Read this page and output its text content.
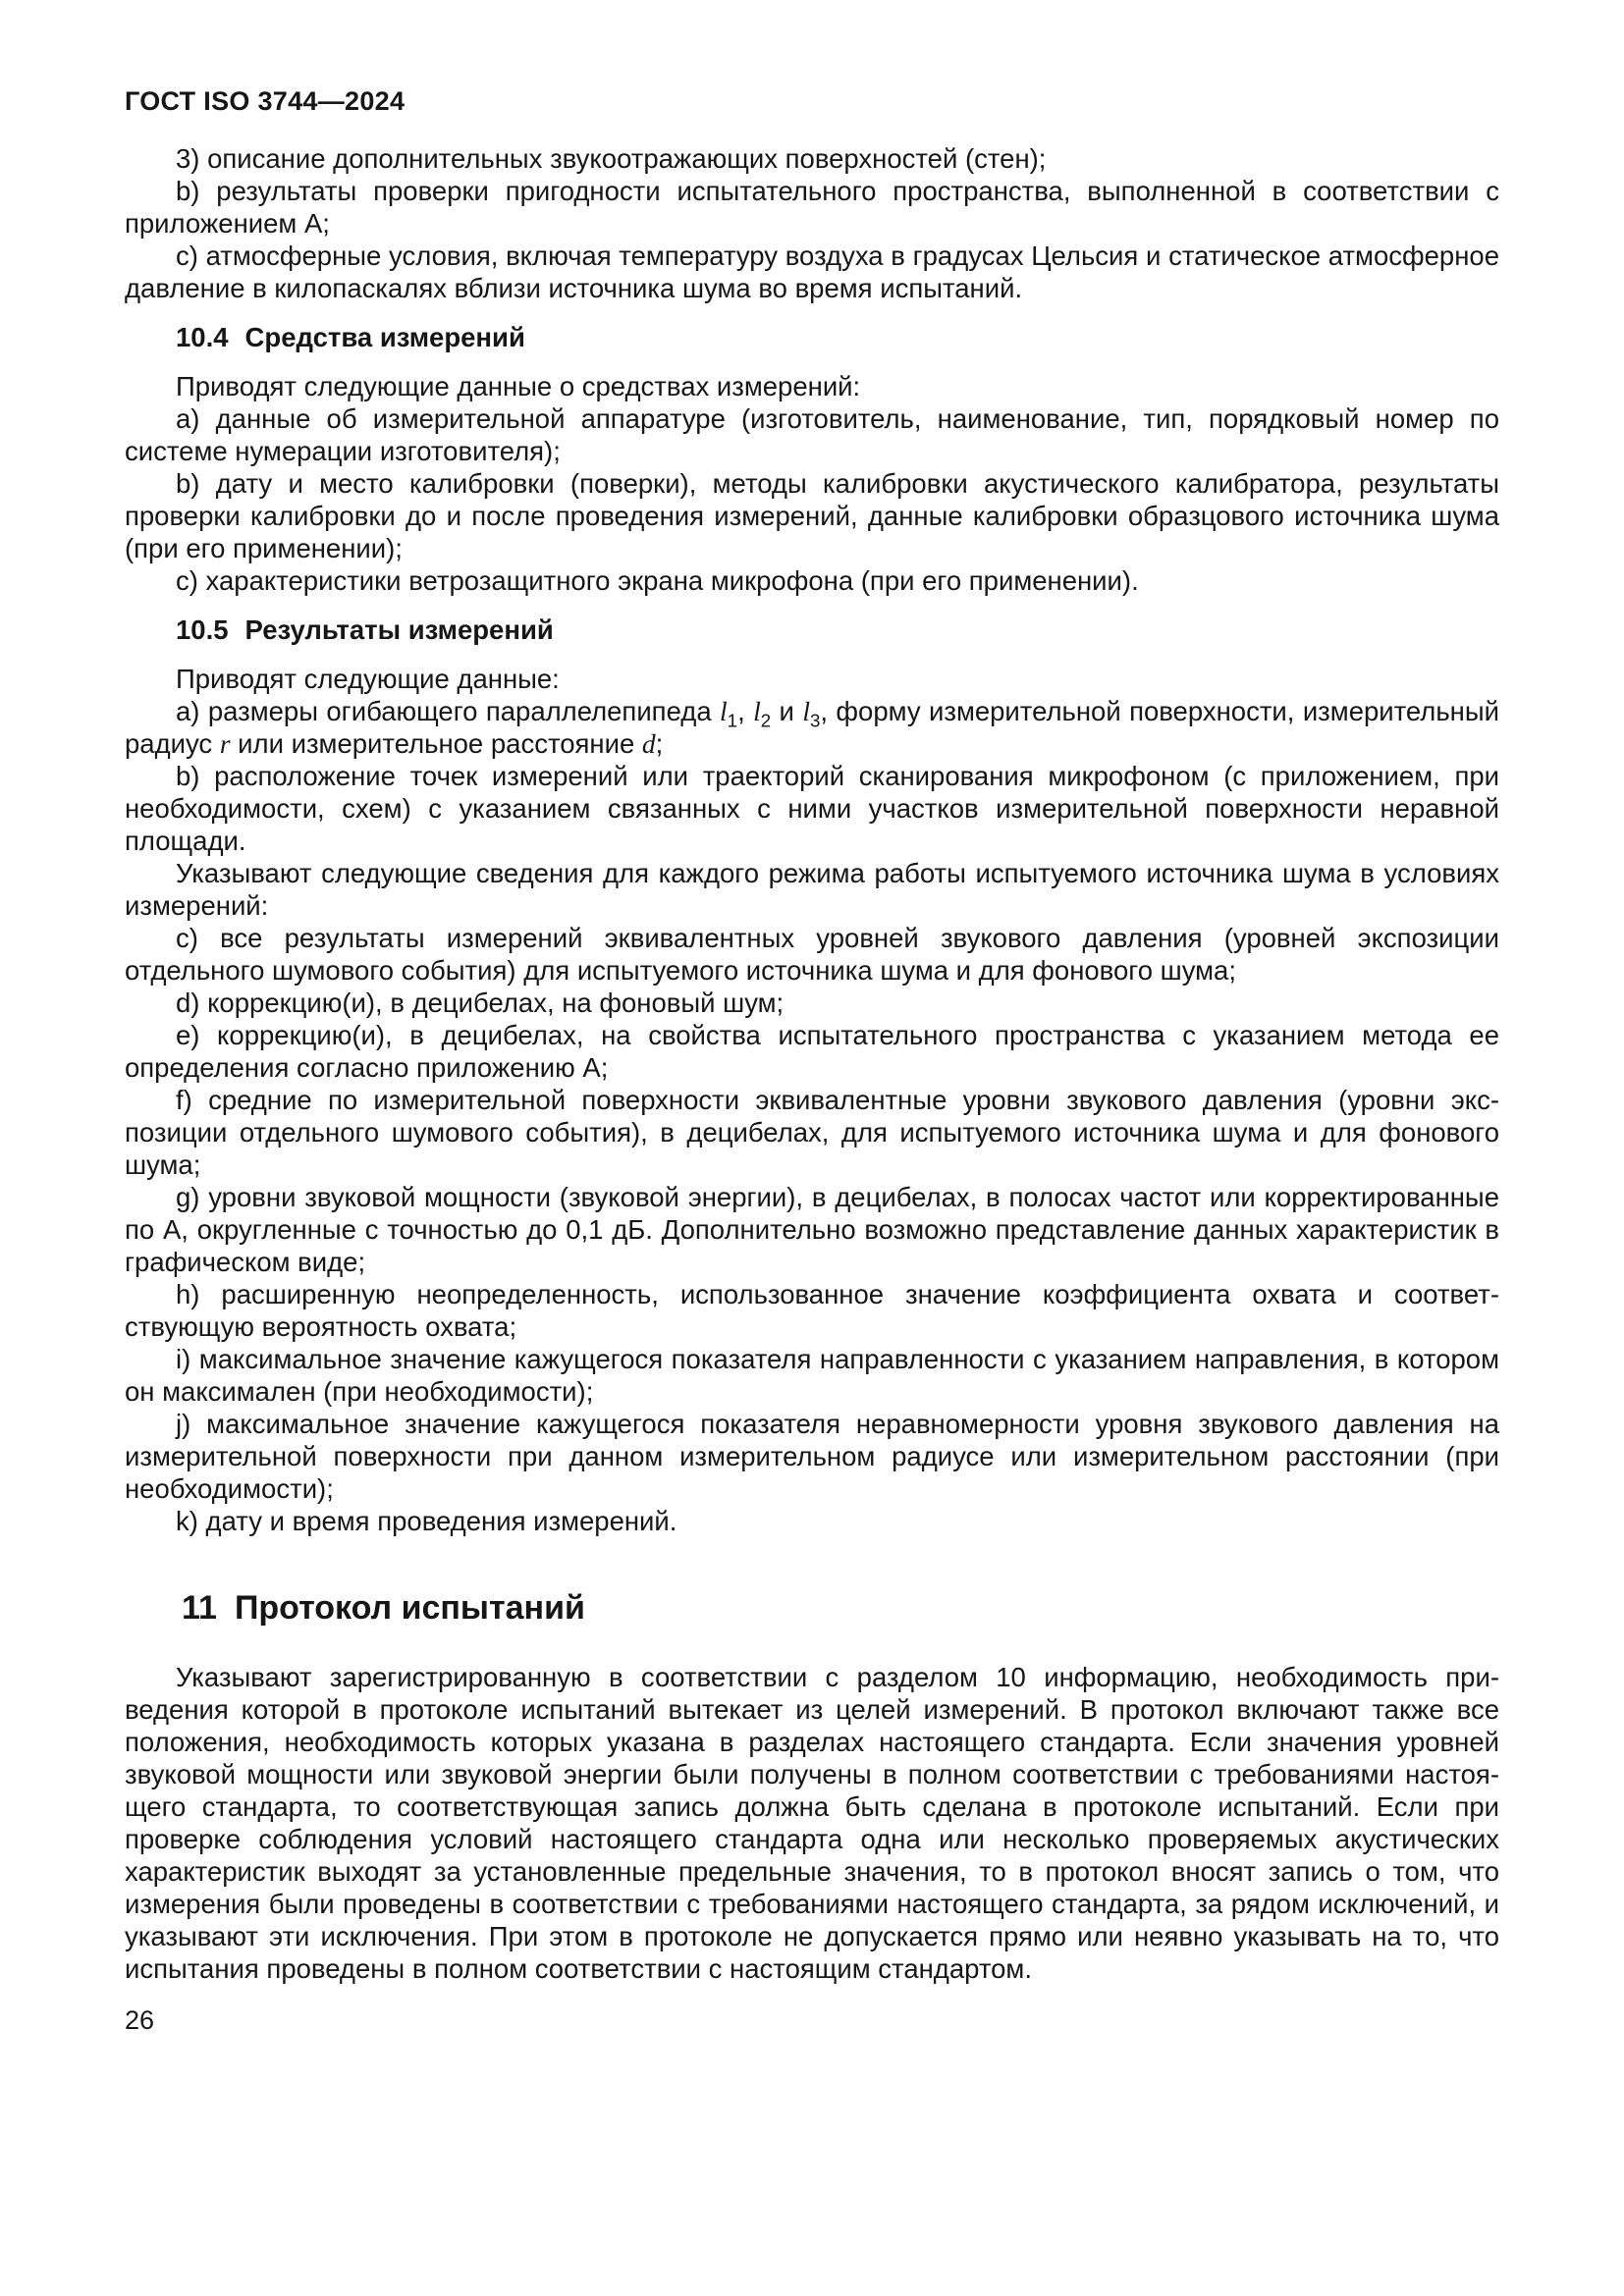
ГОСТ ISO 3744—2024

3) описание дополнительных звукоотражающих поверхностей (стен);

b) результаты проверки пригодности испытательного пространства, выполненной в соответствии с приложением А;

c) атмосферные условия, включая температуру воздуха в градусах Цельсия и статическое атмосферное давление в килопаскалях вблизи источника шума во время испытаний.

10.4 Средства измерений

Приводят следующие данные о средствах измерений:

a) данные об измерительной аппаратуре (изготовитель, наименование, тип, порядковый номер по системе нумерации изготовителя);

b) дату и место калибровки (поверки), методы калибровки акустического калибратора, результаты проверки калибровки до и после проведения измерений, данные калибровки образцового источника шума (при его применении);

c) характеристики ветрозащитного экрана микрофона (при его применении).

10.5 Результаты измерений

Приводят следующие данные:

a) размеры огибающего параллелепипеда $l_1$, $l_2$ и $l_3$, форму измерительной поверхности, измерительный радиус r или измерительное расстояние d;

b) расположение точек измерений или траекторий сканирования микрофоном (с приложением, при необходимости, схем) с указанием связанных с ними участков измерительной поверхности неравной площади.

Указывают следующие сведения для каждого режима работы испытуемого источника шума в условиях измерений:

c) все результаты измерений эквивалентных уровней звукового давления (уровней экспозиции отдельного шумового события) для испытуемого источника шума и для фонового шума;

d) коррекцию(и), в децибелах, на фоновый шум;

e) коррекцию(и), в децибелах, на свойства испытательного пространства с указанием метода ее определения согласно приложению А;

f) средние по измерительной поверхности эквивалентные уровни звукового давления (уровни экспозиции отдельного шумового события), в децибелах, для испытуемого источника шума и для фонового шума;

g) уровни звуковой мощности (звуковой энергии), в децибелах, в полосах частот или корректированные по А, округленные с точностью до 0,1 дБ. Дополнительно возможно представление данных характеристик в графическом виде;

h) расширенную неопределенность, использованное значение коэффициента охвата и соответствующую вероятность охвата;

i) максимальное значение кажущегося показателя направленности с указанием направления, в котором он максимален (при необходимости);

j) максимальное значение кажущегося показателя неравномерности уровня звукового давления на измерительной поверхности при данном измерительном радиусе или измерительном расстоянии (при необходимости);

k) дату и время проведения измерений.

11 Протокол испытаний

Указывают зарегистрированную в соответствии с разделом 10 информацию, необходимость приведения которой в протоколе испытаний вытекает из целей измерений. В протокол включают также все положения, необходимость которых указана в разделах настоящего стандарта. Если значения уровней звуковой мощности или звуковой энергии были получены в полном соответствии с требованиями настоящего стандарта, то соответствующая запись должна быть сделана в протоколе испытаний. Если при проверке соблюдения условий настоящего стандарта одна или несколько проверяемых акустических характеристик выходят за установленные предельные значения, то в протокол вносят запись о том, что измерения были проведены в соответствии с требованиями настоящего стандарта, за рядом исключений, и указывают эти исключения. При этом в протоколе не допускается прямо или неявно указывать на то, что испытания проведены в полном соответствии с настоящим стандартом.

26
